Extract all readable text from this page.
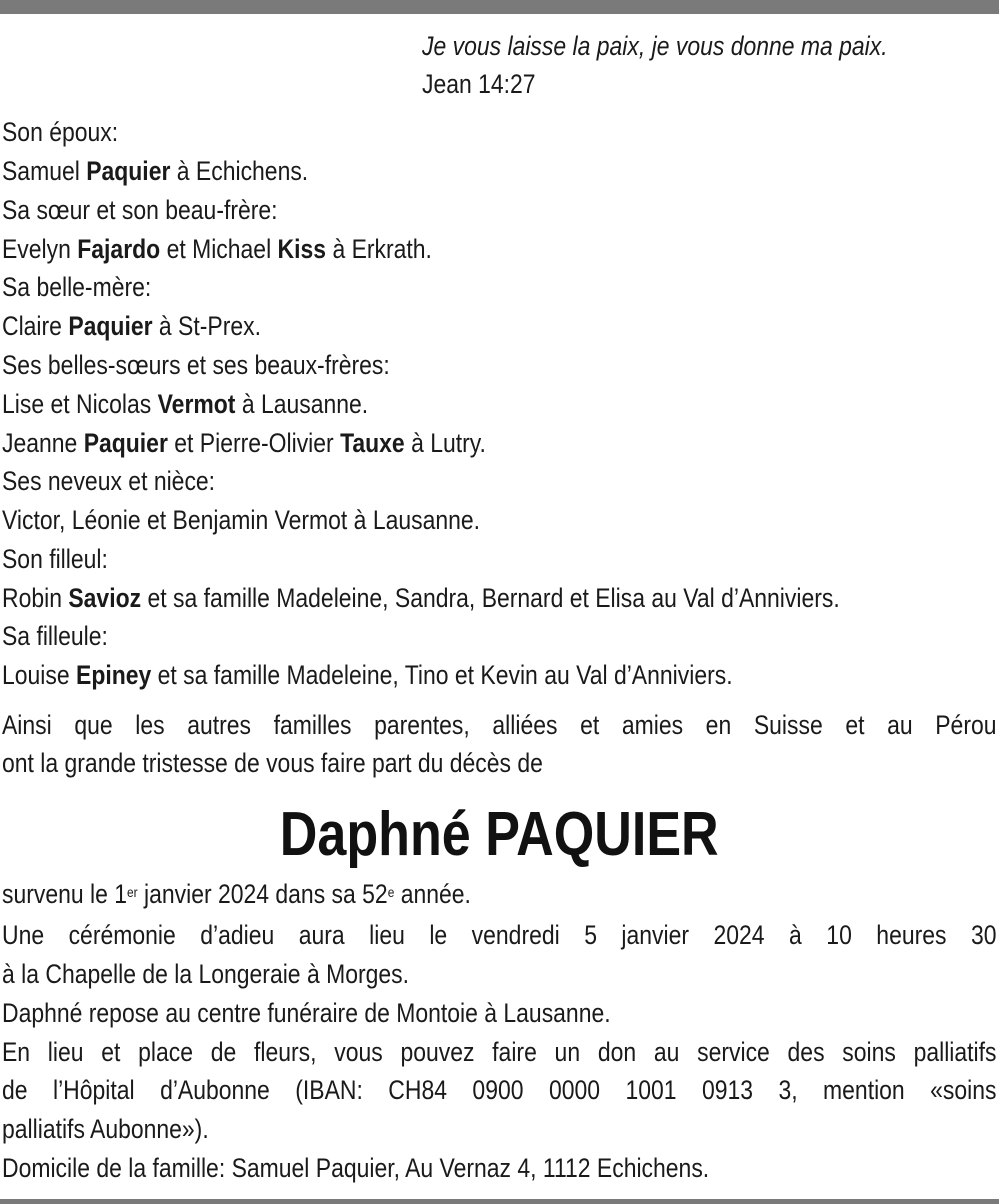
Je vous laisse la paix, je vous donne ma paix.
Jean 14:27
Son époux:
Samuel Paquier à Echichens.
Sa sœur et son beau-frère:
Evelyn Fajardo et Michael Kiss à Erkrath.
Sa belle-mère:
Claire Paquier à St-Prex.
Ses belles-sœurs et ses beaux-frères:
Lise et Nicolas Vermot à Lausanne.
Jeanne Paquier et Pierre-Olivier Tauxe à Lutry.
Ses neveux et nièce:
Victor, Léonie et Benjamin Vermot à Lausanne.
Son filleul:
Robin Savioz et sa famille Madeleine, Sandra, Bernard et Elisa au Val d’Anniviers.
Sa filleule:
Louise Epiney et sa famille Madeleine, Tino et Kevin au Val d’Anniviers.
Ainsi que les autres familles parentes, alliées et amies en Suisse et au Pérou
ont la grande tristesse de vous faire part du décès de
Daphné PAQUIER
survenu le 1er janvier 2024 dans sa 52e année.
Une cérémonie d’adieu aura lieu le vendredi 5 janvier 2024 à 10 heures 30
à la Chapelle de la Longeraie à Morges.
Daphné repose au centre funéraire de Montoie à Lausanne.
En lieu et place de fleurs, vous pouvez faire un don au service des soins palliatifs
de l’Hôpital d’Aubonne (IBAN: CH84 0900 0000 1001 0913 3, mention «soins
palliatifs Aubonne»).
Domicile de la famille: Samuel Paquier, Au Vernaz 4, 1112 Echichens.
